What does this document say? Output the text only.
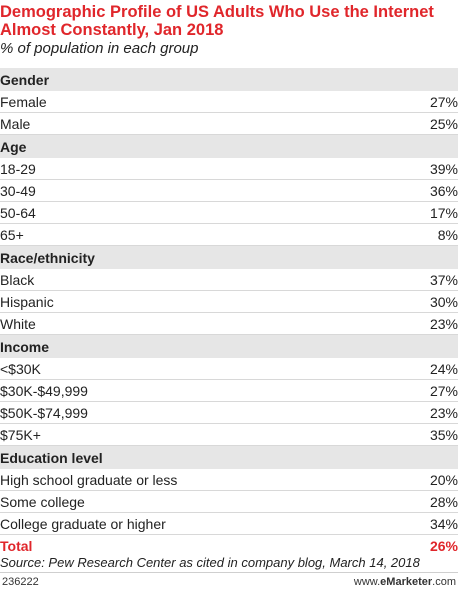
Demographic Profile of US Adults Who Use the Internet Almost Constantly, Jan 2018
% of population in each group
Gender
Female	27%
Male	25%
Age
18-29	39%
30-49	36%
50-64	17%
65+	8%
Race/ethnicity
Black	37%
Hispanic	30%
White	23%
Income
<$30K	24%
$30K-$49,999	27%
$50K-$74,999	23%
$75K+	35%
Education level
High school graduate or less	20%
Some college	28%
College graduate or higher	34%
Total	26%
Source: Pew Research Center as cited in company blog, March 14, 2018
236222	www.eMarketer.com
